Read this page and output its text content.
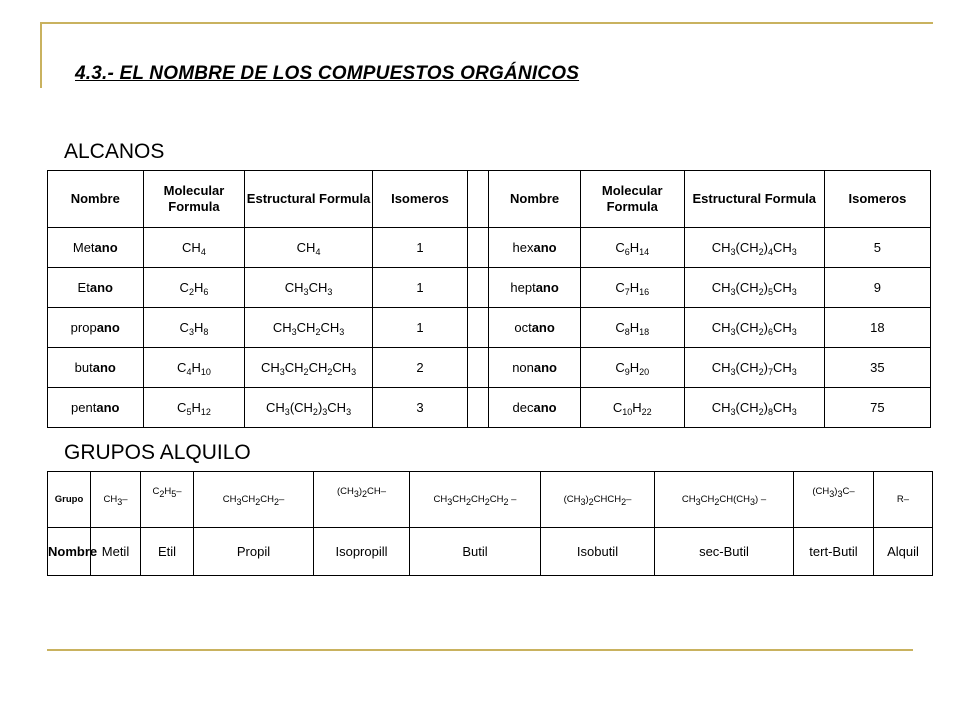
4.3.- EL NOMBRE DE LOS COMPUESTOS ORGÁNICOS
ALCANOS
Nombre	Molecular Formula	Estructural Formula	Isomeros		Nombre	Molecular Formula	Estructural Formula	Isomeros
Metano	$CH_4$	$CH_4$	1		hexano	$C_6H_{14}$	$CH_3(CH_2)_4CH_3$	5
Etano	$C_2H_6$	$CH_3CH_3$	1		heptano	$C_7H_{16}$	$CH_3(CH_2)_5CH_3$	9
propano	$C_3H_8$	$CH_3CH_2CH_3$	1		octano	$C_8H_{18}$	$CH_3(CH_2)_6CH_3$	18
butano	$C_4H_{10}$	$CH_3CH_2CH_2CH_3$	2		nonano	$C_9H_{20}$	$CH_3(CH_2)_7CH_3$	35
pentano	$C_5H_{12}$	$CH_3(CH_2)_3CH_3$	3		decano	$C_{10}H_{22}$	$CH_3(CH_2)_8CH_3$	75
GRUPOS ALQUILO
Grupo	$CH_3-$	$C_2H_5-$	$CH_3CH_2CH_2-$	$(CH_3)_2CH-$	$CH_3CH_2CH_2CH_2$ –	$(CH_3)_2CHCH_2-$	$CH_3CH_2CH(CH_3)$ –	$(CH_3)_3C-$	R–
Nombre	Metil	Etil	Propil	Isopropill	Butil	Isobutil	sec-Butil	tert-Butil	Alquil
